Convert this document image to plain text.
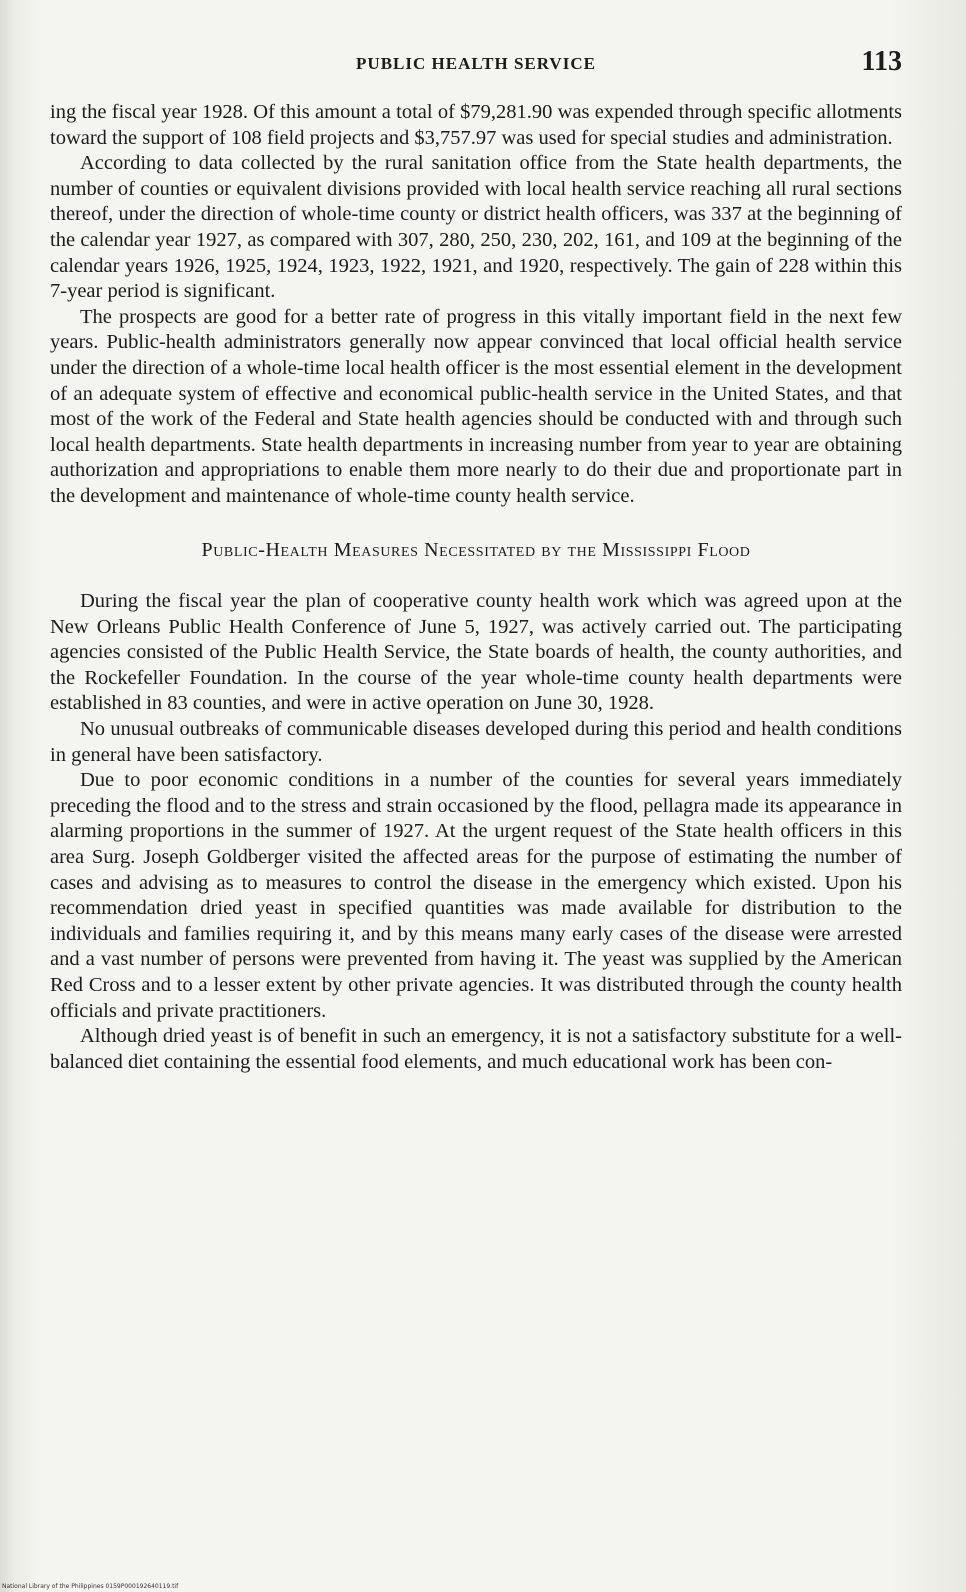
PUBLIC HEALTH SERVICE	113

ing the fiscal year 1928. Of this amount a total of $79,281.90 was expended through specific allotments toward the support of 108 field projects and $3,757.97 was used for special studies and administration.

According to data collected by the rural sanitation office from the State health departments, the number of counties or equivalent divisions provided with local health service reaching all rural sections thereof, under the direction of whole-time county or district health officers, was 337 at the beginning of the calendar year 1927, as compared with 307, 280, 250, 230, 202, 161, and 109 at the beginning of the calendar years 1926, 1925, 1924, 1923, 1922, 1921, and 1920, respectively. The gain of 228 within this 7-year period is significant.

The prospects are good for a better rate of progress in this vitally important field in the next few years. Public-health administrators generally now appear convinced that local official health service under the direction of a whole-time local health officer is the most essential element in the development of an adequate system of effective and economical public-health service in the United States, and that most of the work of the Federal and State health agencies should be conducted with and through such local health departments. State health departments in increasing number from year to year are obtaining authorization and appropriations to enable them more nearly to do their due and proportionate part in the development and maintenance of whole-time county health service.

Public-Health Measures Necessitated by the Mississippi Flood

During the fiscal year the plan of cooperative county health work which was agreed upon at the New Orleans Public Health Conference of June 5, 1927, was actively carried out. The participating agencies consisted of the Public Health Service, the State boards of health, the county authorities, and the Rockefeller Foundation. In the course of the year whole-time county health departments were established in 83 counties, and were in active operation on June 30, 1928.

No unusual outbreaks of communicable diseases developed during this period and health conditions in general have been satisfactory.

Due to poor economic conditions in a number of the counties for several years immediately preceding the flood and to the stress and strain occasioned by the flood, pellagra made its appearance in alarming proportions in the summer of 1927. At the urgent request of the State health officers in this area Surg. Joseph Goldberger visited the affected areas for the purpose of estimating the number of cases and advising as to measures to control the disease in the emergency which existed. Upon his recommendation dried yeast in specified quantities was made available for distribution to the individuals and families requiring it, and by this means many early cases of the disease were arrested and a vast number of persons were prevented from having it. The yeast was supplied by the American Red Cross and to a lesser extent by other private agencies. It was distributed through the county health officials and private practitioners.

Although dried yeast is of benefit in such an emergency, it is not a satisfactory substitute for a well-balanced diet containing the essential food elements, and much educational work has been con-

National Library of the Philippines 0159P000192640119.tif
